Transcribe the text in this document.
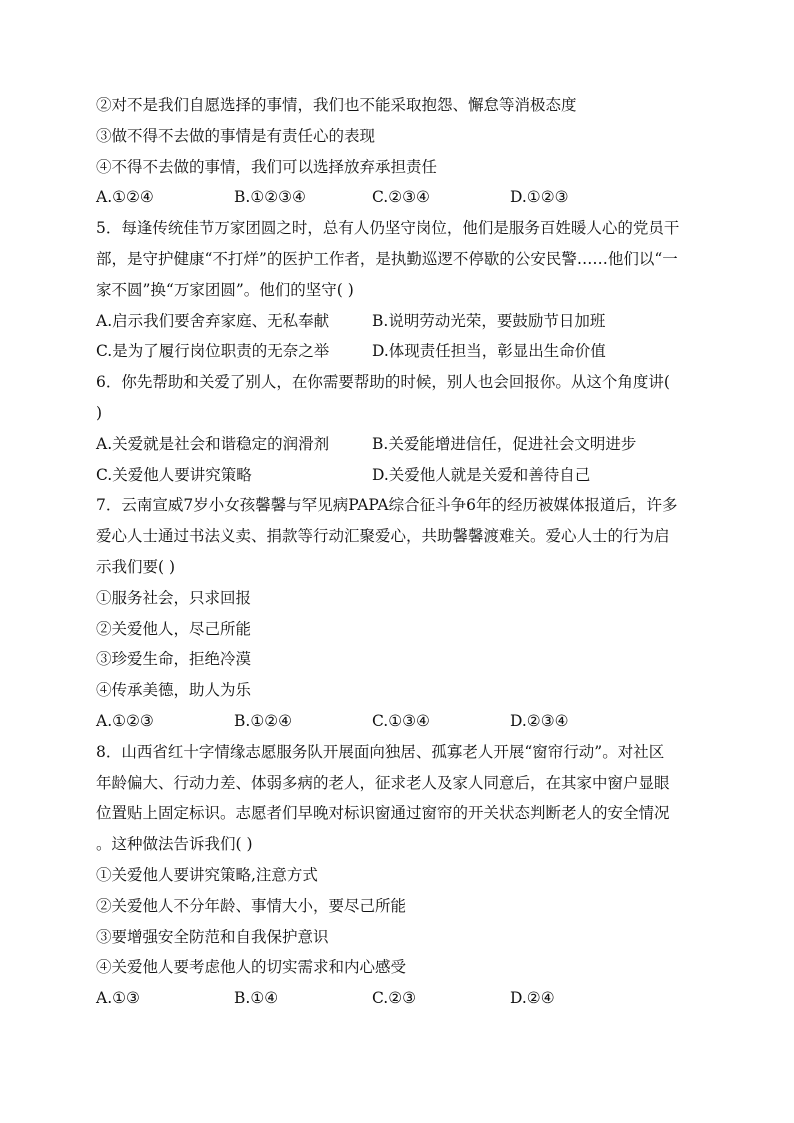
②对不是我们自愿选择的事情，我们也不能采取抱怨、懈怠等消极态度
③做不得不去做的事情是有责任心的表现
④不得不去做的事情，我们可以选择放弃承担责任
A.①②④	B.①②③④	C.②③④	D.①②③
5．每逢传统佳节万家团圆之时，总有人仍坚守岗位，他们是服务百姓暖人心的党员干
部，是守护健康“不打烊”的医护工作者，是执勤巡逻不停歇的公安民警……他们以“一
家不圆”换“万家团圆”。他们的坚守( )
A.启示我们要舍弃家庭、无私奉献	B.说明劳动光荣，要鼓励节日加班
C.是为了履行岗位职责的无奈之举	D.体现责任担当，彰显出生命价值
6．你先帮助和关爱了别人，在你需要帮助的时候，别人也会回报你。从这个角度讲(
)
A.关爱就是社会和谐稳定的润滑剂	B.关爱能增进信任，促进社会文明进步
C.关爱他人要讲究策略	D.关爱他人就是关爱和善待自己
7．云南宣威7岁小女孩馨馨与罕见病PAPA综合征斗争6年的经历被媒体报道后，许多
爱心人士通过书法义卖、捐款等行动汇聚爱心，共助馨馨渡难关。爱心人士的行为启
示我们要( )
①服务社会，只求回报
②关爱他人，尽己所能
③珍爱生命，拒绝冷漠
④传承美德，助人为乐
A.①②③	B.①②④	C.①③④	D.②③④
8．山西省红十字情缘志愿服务队开展面向独居、孤寡老人开展“窗帘行动”。对社区
年龄偏大、行动力差、体弱多病的老人，征求老人及家人同意后，在其家中窗户显眼
位置贴上固定标识。志愿者们早晚对标识窗通过窗帘的开关状态判断老人的安全情况
。这种做法告诉我们( )
①关爱他人要讲究策略,注意方式
②关爱他人不分年龄、事情大小，要尽己所能
③要增强安全防范和自我保护意识
④关爱他人要考虑他人的切实需求和内心感受
A.①③	B.①④	C.②③	D.②④
